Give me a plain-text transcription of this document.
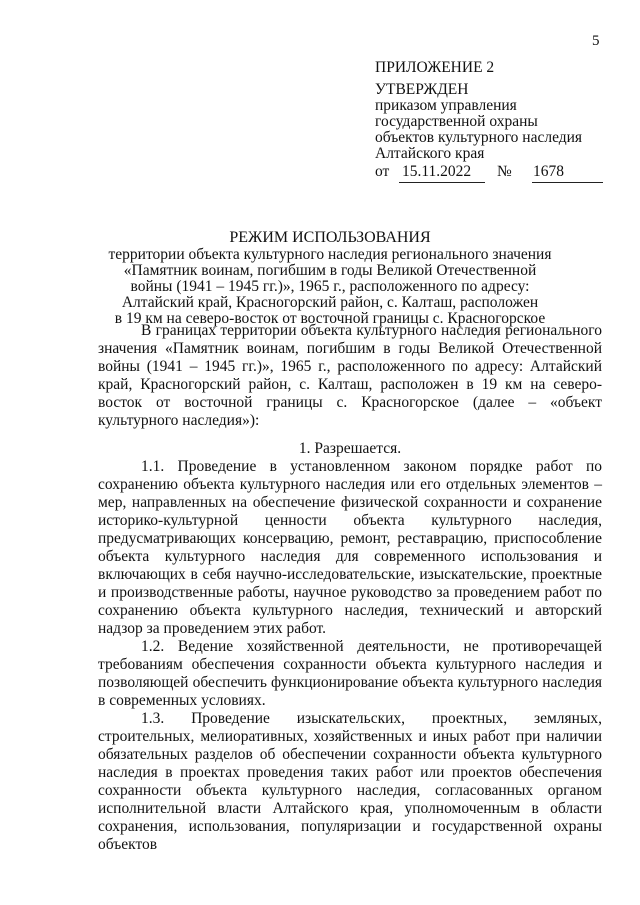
5
ПРИЛОЖЕНИЕ 2
УТВЕРЖДЕН
приказом управления
государственной охраны
объектов культурного наследия
Алтайского края
от 15.11.2022 № 1678
РЕЖИМ ИСПОЛЬЗОВАНИЯ
территории объекта культурного наследия регионального значения
«Памятник воинам, погибшим в годы Великой Отечественной
войны (1941 – 1945 гг.)», 1965 г., расположенного по адресу:
Алтайский край, Красногорский район, с. Калташ, расположен
в 19 км на северо-восток от восточной границы с. Красногорское

В границах территории объекта культурного наследия регионального значения «Памятник воинам, погибшим в годы Великой Отечественной войны (1941 – 1945 гг.)», 1965 г., расположенного по адресу: Алтайский край, Красногорский район, с. Калташ, расположен в 19 км на северо-восток от восточной границы с. Красногорское (далее – «объект культурного наследия»):

1. Разрешается.

1.1. Проведение в установленном законом порядке работ по сохранению объекта культурного наследия или его отдельных элементов – мер, направленных на обеспечение физической сохранности и сохранение историко-культурной ценности объекта культурного наследия, предусматривающих консервацию, ремонт, реставрацию, приспособление объекта культурного наследия для современного использования и включающих в себя научно-исследовательские, изыскательские, проектные и производственные работы, научное руководство за проведением работ по сохранению объекта культурного наследия, технический и авторский надзор за проведением этих работ.

1.2. Ведение хозяйственной деятельности, не противоречащей требованиям обеспечения сохранности объекта культурного наследия и позволяющей обеспечить функционирование объекта культурного наследия в современных условиях.

1.3. Проведение изыскательских, проектных, земляных, строительных, мелиоративных, хозяйственных и иных работ при наличии обязательных разделов об обеспечении сохранности объекта культурного наследия в проектах проведения таких работ или проектов обеспечения сохранности объекта культурного наследия, согласованных органом исполнительной власти Алтайского края, уполномоченным в области сохранения, использования, популяризации и государственной охраны объектов
